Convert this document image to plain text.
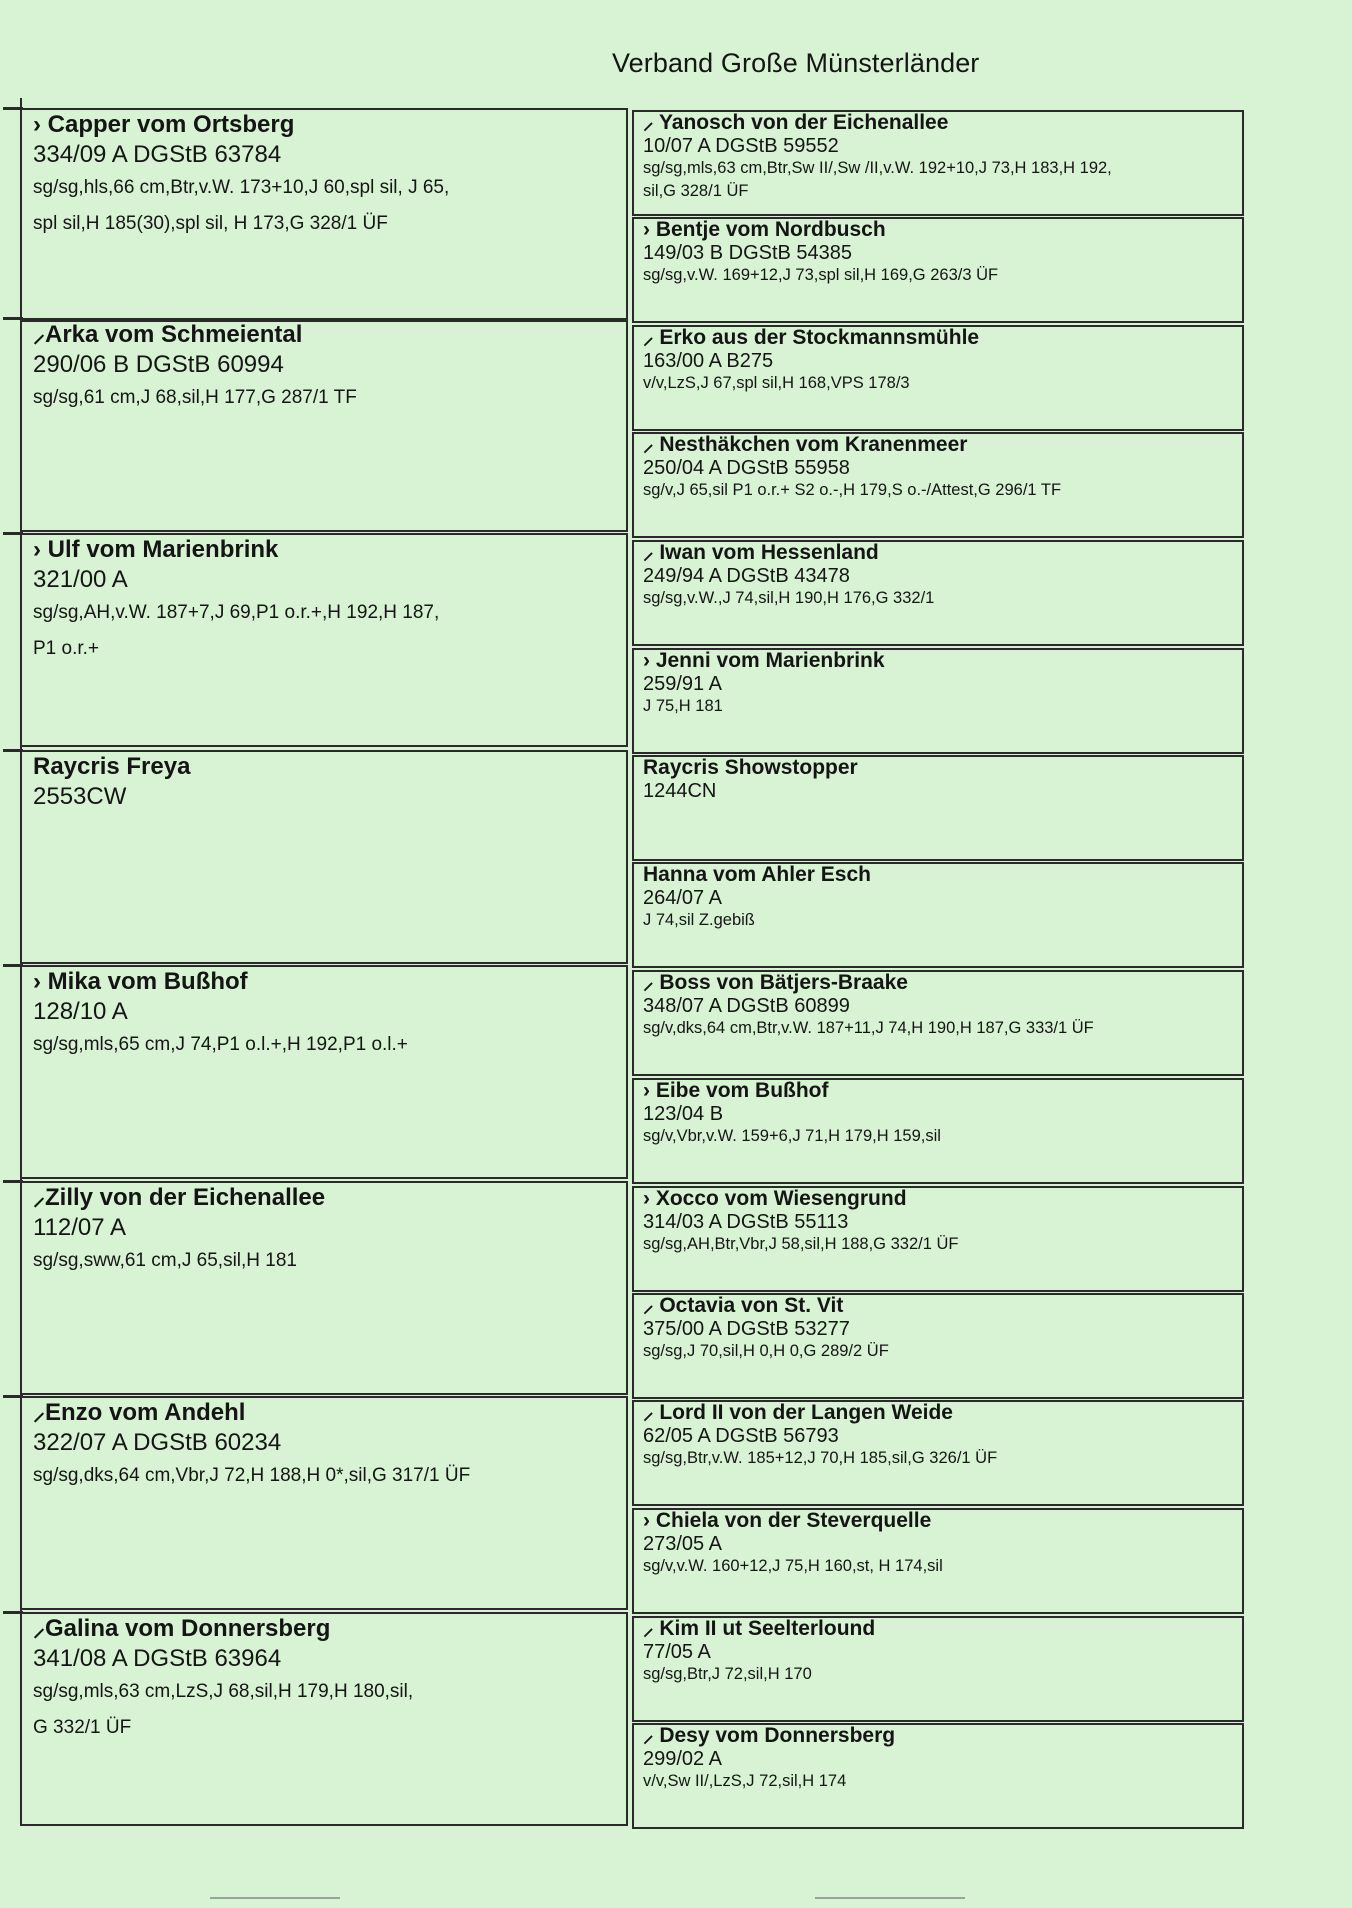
Verband Große Münsterländer
› Capper vom Ortsberg
334/09 A DGStB 63784
sg/sg,hls,66 cm,Btr,v.W. 173+10,J 60,spl sil, J 65,
spl sil,H 185(30),spl sil, H 173,G 328/1 ÜF
⸝Arka vom Schmeiental
290/06 B DGStB 60994
sg/sg,61 cm,J 68,sil,H 177,G 287/1 TF
› Ulf vom Marienbrink
321/00 A
sg/sg,AH,v.W. 187+7,J 69,P1 o.r.+,H 192,H 187,
P1 o.r.+
Raycris Freya
2553CW
› Mika vom Bußhof
128/10 A
sg/sg,mls,65 cm,J 74,P1 o.l.+,H 192,P1 o.l.+
⸝Zilly von der Eichenallee
112/07 A
sg/sg,sww,61 cm,J 65,sil,H 181
⸝Enzo vom Andehl
322/07 A DGStB 60234
sg/sg,dks,64 cm,Vbr,J 72,H 188,H 0*,sil,G 317/1 ÜF
⸝Galina vom Donnersberg
341/08 A DGStB 63964
sg/sg,mls,63 cm,LzS,J 68,sil,H 179,H 180,sil,
G 332/1 ÜF
⸝ Yanosch von der Eichenallee
10/07 A DGStB 59552
sg/sg,mls,63 cm,Btr,Sw II/,Sw /II,v.W. 192+10,J 73,H 183,H 192,
sil,G 328/1 ÜF
› Bentje vom Nordbusch
149/03 B DGStB 54385
sg/sg,v.W. 169+12,J 73,spl sil,H 169,G 263/3 ÜF
⸝ Erko aus der Stockmannsmühle
163/00 A B275
v/v,LzS,J 67,spl sil,H 168,VPS 178/3
⸝ Nesthäkchen vom Kranenmeer
250/04 A DGStB 55958
sg/v,J 65,sil P1 o.r.+ S2 o.-,H 179,S o.-/Attest,G 296/1 TF
⸝ Iwan vom Hessenland
249/94 A DGStB 43478
sg/sg,v.W.,J 74,sil,H 190,H 176,G 332/1
› Jenni vom Marienbrink
259/91 A
J 75,H 181
Raycris Showstopper
1244CN
Hanna vom Ahler Esch
264/07 A
J 74,sil Z.gebiß
⸝ Boss von Bätjers-Braake
348/07 A DGStB 60899
sg/v,dks,64 cm,Btr,v.W. 187+11,J 74,H 190,H 187,G 333/1 ÜF
› Eibe vom Bußhof
123/04 B
sg/v,Vbr,v.W. 159+6,J 71,H 179,H 159,sil
› Xocco vom Wiesengrund
314/03 A DGStB 55113
sg/sg,AH,Btr,Vbr,J 58,sil,H 188,G 332/1 ÜF
⸝ Octavia von St. Vit
375/00 A DGStB 53277
sg/sg,J 70,sil,H 0,H 0,G 289/2 ÜF
⸝ Lord II von der Langen Weide
62/05 A DGStB 56793
sg/sg,Btr,v.W. 185+12,J 70,H 185,sil,G 326/1 ÜF
› Chiela von der Steverquelle
273/05 A
sg/v,v.W. 160+12,J 75,H 160,st, H 174,sil
⸝ Kim II ut Seelterlound
77/05 A
sg/sg,Btr,J 72,sil,H 170
⸝ Desy vom Donnersberg
299/02 A
v/v,Sw II/,LzS,J 72,sil,H 174
